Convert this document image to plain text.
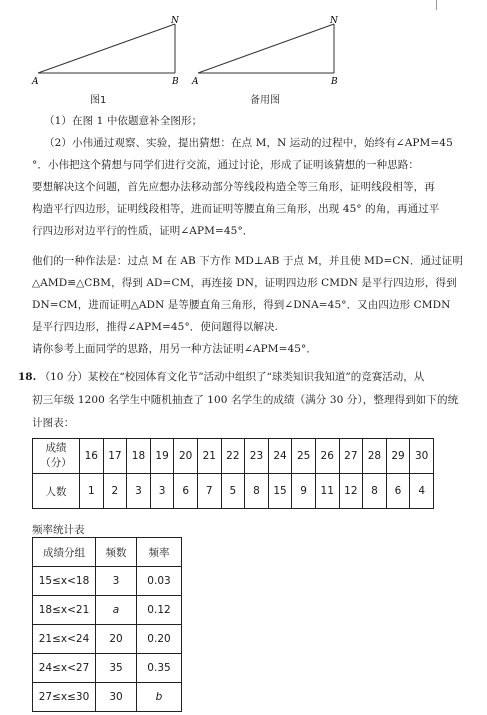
A	B
N
A	B
N
图1	备用图
（1）在图 1 中依题意补全图形；
（2）小伟通过观察、实验，提出猜想：在点 M，N 运动的过程中，始终有∠APM=45
°．小伟把这个猜想与同学们进行交流，通过讨论，形成了证明该猜想的一种思路：
要想解决这个问题，首先应想办法移动部分等线段构造全等三角形，证明线段相等，再
构造平行四边形，证明线段相等，进而证明等腰直角三角形，出现 45° 的角，再通过平
行四边形对边平行的性质，证明∠APM=45°．
他们的一种作法是：过点 M 在 AB 下方作 MD⊥AB 于点 M，并且使 MD=CN．通过证明
△AMD≌△CBM，得到 AD=CM，再连接 DN，证明四边形 CMDN 是平行四边形，得到
DN=CM，进而证明△ADN 是等腰直角三角形，得到∠DNA=45°．又由四边形 CMDN
是平行四边形，推得∠APM=45°．使问题得以解决.
请你参考上面同学的思路，用另一种方法证明∠APM=45°．
18. （10 分）某校在“校园体育文化节”活动中组织了“球类知识我知道”的竞赛活动，从
初三年级 1200 名学生中随机抽查了 100 名学生的成绩（满分 30 分），整理得到如下的统
计图表：
成绩
（分）	16	17	18	19	20	21	22	23	24	25	26	27	28	29	30
人数	1	2	3	3	6	7	5	8	15	9	11	12	8	6	4
频率统计表
成绩分组	频数	频率
15≤x<18	3	0.03
18≤x<21	a	0.12
21≤x<24	20	0.20
24≤x<27	35	0.35
27≤x≤30	30	b
